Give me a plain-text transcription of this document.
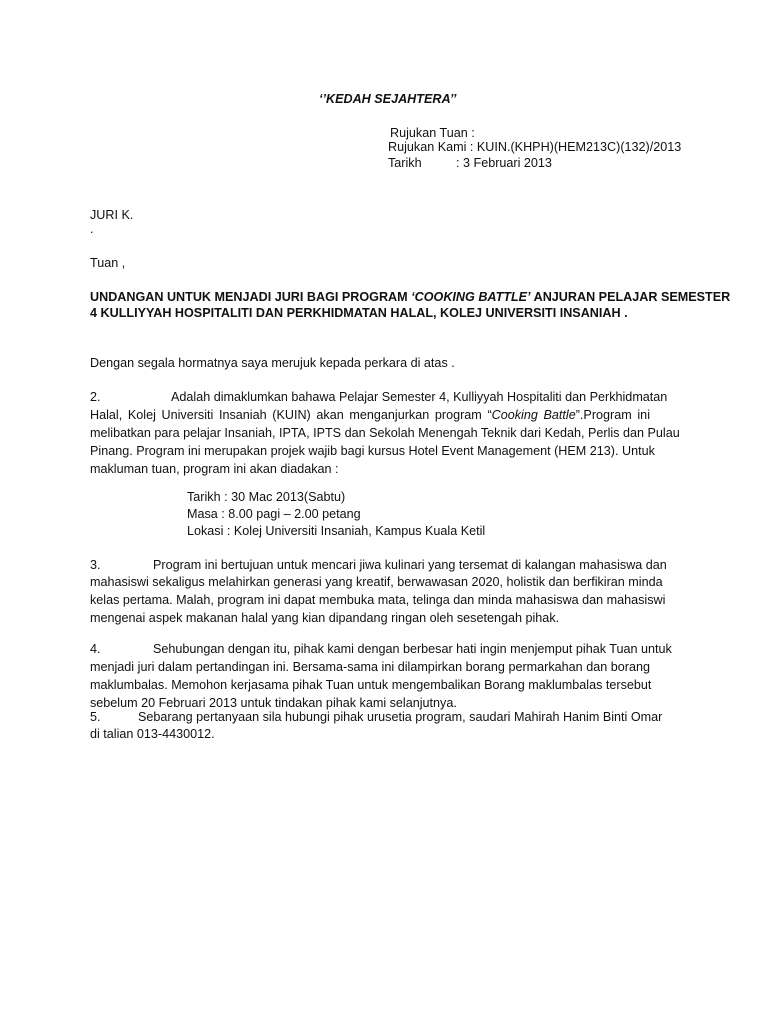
‘’KEDAH SEJAHTERA’’
Rujukan Tuan :
Rujukan Kami : KUIN.(KHPH)(HEM213C)(132)/2013
Tarikh	: 3 Februari 2013
JURI K.
.
Tuan ,
UNDANGAN UNTUK MENJADI JURI BAGI PROGRAM ‘COOKING BATTLE’ ANJURAN PELAJAR SEMESTER
4 KULLIYYAH HOSPITALITI DAN PERKHIDMATAN HALAL, KOLEJ UNIVERSITI INSANIAH .
Dengan segala hormatnya saya merujuk kepada perkara di atas .
2.	Adalah dimaklumkan bahawa Pelajar Semester 4, Kulliyyah Hospitaliti dan Perkhidmatan
Halal, Kolej Universiti Insaniah (KUIN) akan menganjurkan program “Cooking Battle”.Program ini
melibatkan para pelajar Insaniah, IPTA, IPTS dan Sekolah Menengah Teknik dari Kedah, Perlis dan Pulau
Pinang. Program ini merupakan projek wajib bagi kursus Hotel Event Management (HEM 213). Untuk
makluman tuan, program ini akan diadakan :
Tarikh : 30 Mac 2013(Sabtu)
Masa : 8.00 pagi – 2.00 petang
Lokasi : Kolej Universiti Insaniah, Kampus Kuala Ketil
3.	Program ini bertujuan untuk mencari jiwa kulinari yang tersemat di kalangan mahasiswa dan
mahasiswi sekaligus melahirkan generasi yang kreatif, berwawasan 2020, holistik dan berfikiran minda
kelas pertama. Malah, program ini dapat membuka mata, telinga dan minda mahasiswa dan mahasiswi
mengenai aspek makanan halal yang kian dipandang ringan oleh sesetengah pihak.
4.	Sehubungan dengan itu, pihak kami dengan berbesar hati ingin menjemput pihak Tuan untuk
menjadi juri dalam pertandingan ini. Bersama-sama ini dilampirkan borang permarkahan dan borang
maklumbalas. Memohon kerjasama pihak Tuan untuk mengembalikan Borang maklumbalas tersebut
sebelum 20 Februari 2013 untuk tindakan pihak kami selanjutnya.
5.	Sebarang pertanyaan sila hubungi pihak urusetia program, saudari Mahirah Hanim Binti Omar
di talian 013-4430012.
